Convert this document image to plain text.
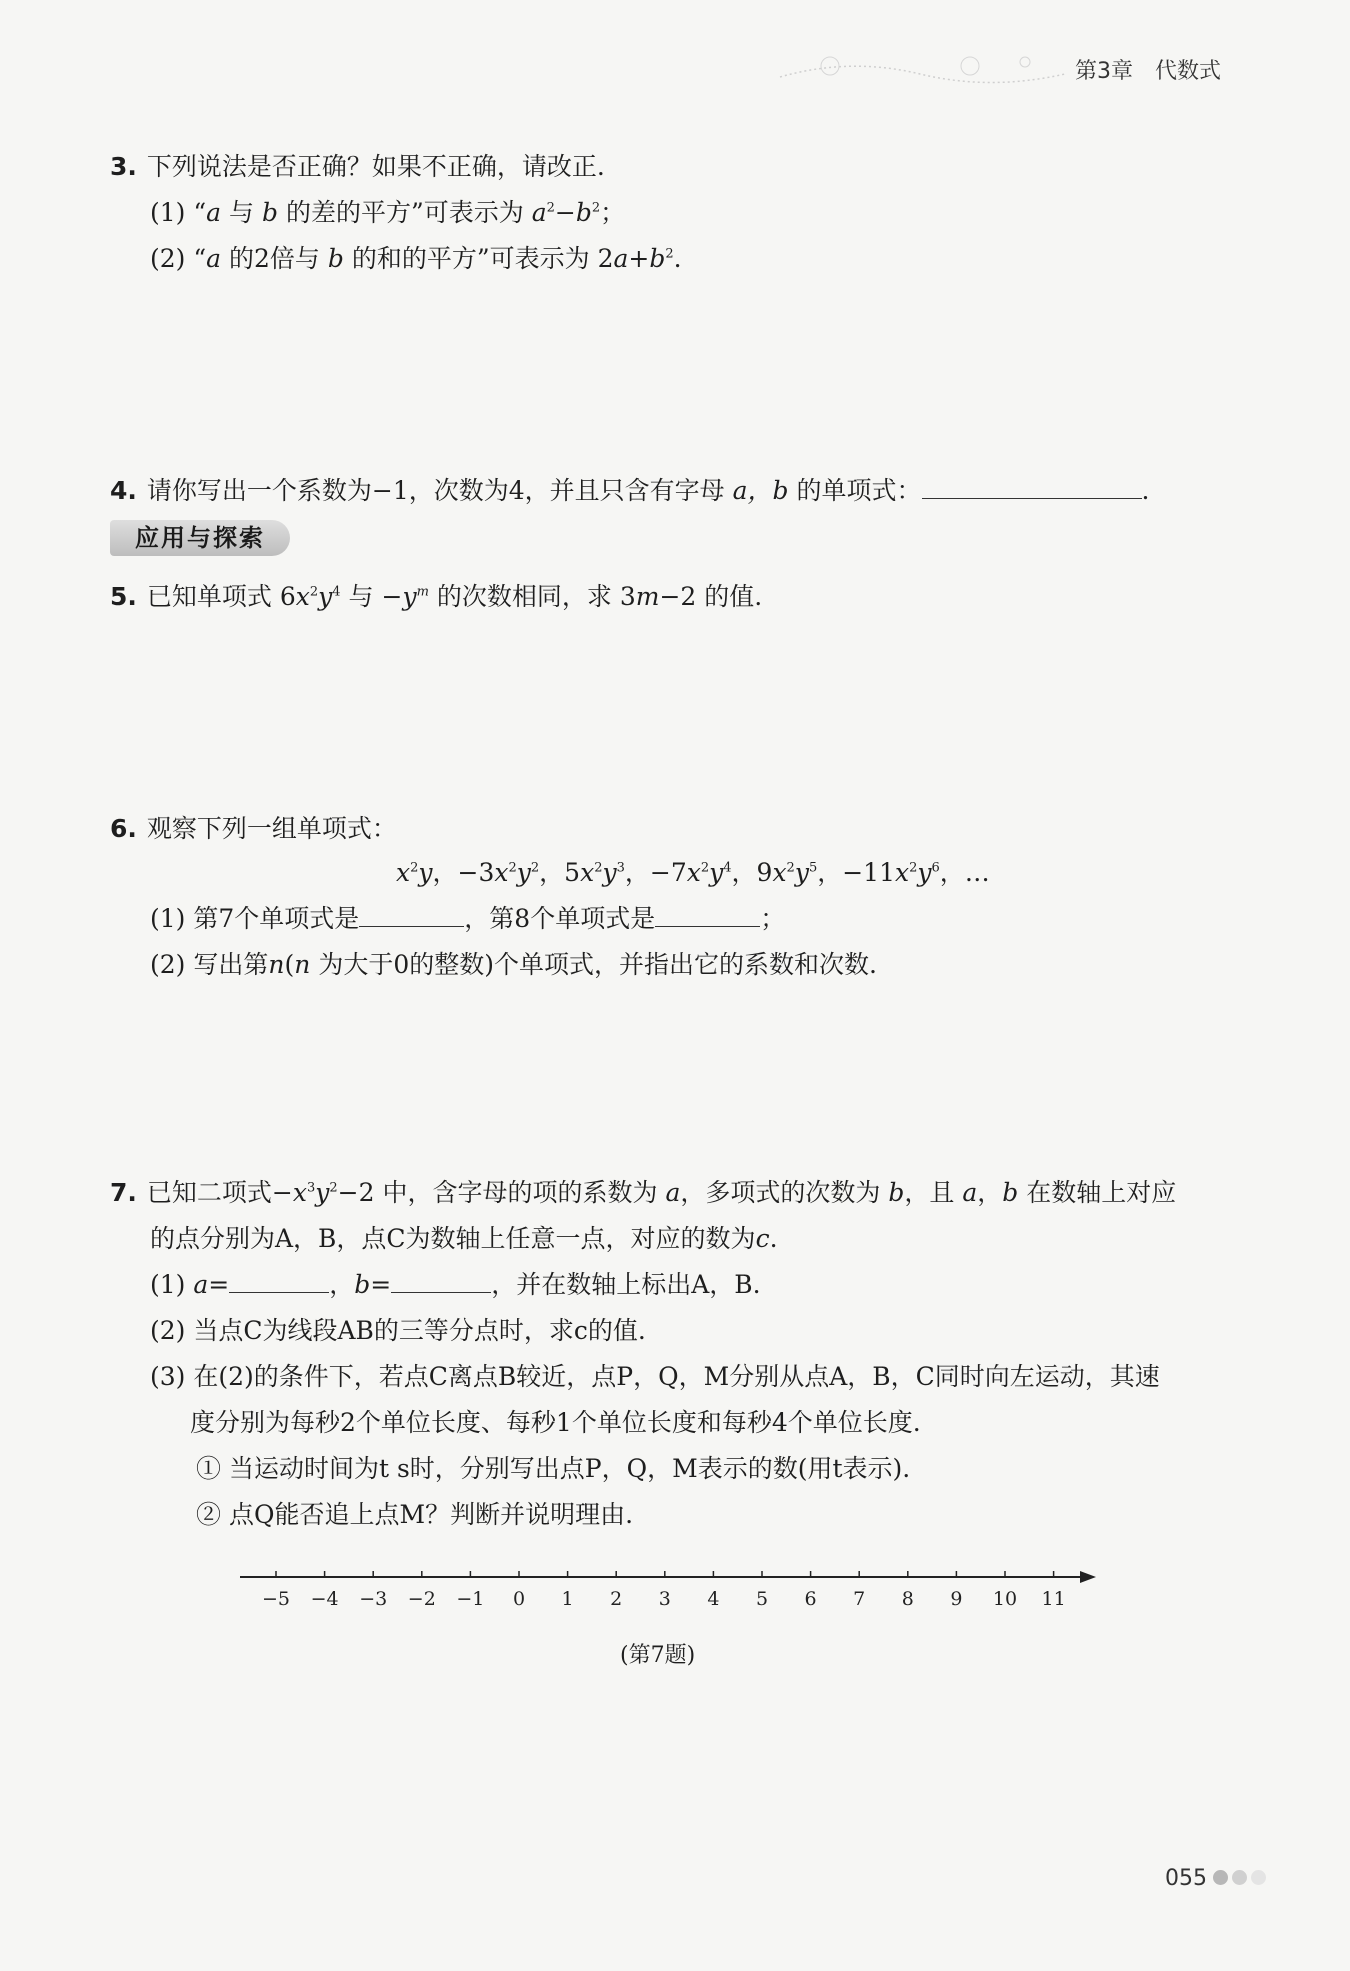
第3章 代数式
3. 下列说法是否正确？如果不正确，请改正.
(1) “a 与 b 的差的平方”可表示为 $a^2-b^2$；
(2) “a 的2倍与 b 的和的平方”可表示为 $2a+b^2$.
4. 请你写出一个系数为−1，次数为4，并且只含有字母 a，b 的单项式：	.
应用与探索
5. 已知单项式 $6x^2y^4$ 与 $-y^m$ 的次数相同，求 3m−2 的值.
6. 观察下列一组单项式：
$x^2y$，$-3x^2y^2$，$5x^2y^3$，$-7x^2y^4$，$9x^2y^5$，$-11x^2y^6$，…
(1) 第7个单项式是	，第8个单项式是	；
(2) 写出第n(n 为大于0的整数)个单项式，并指出它的系数和次数.
7. 已知二项式$-x^3y^2-2$ 中，含字母的项的系数为 a，多项式的次数为 b，且 a，b 在数轴上对应
的点分别为A，B，点C为数轴上任意一点，对应的数为c.
(1) a=	，b=	，并在数轴上标出A，B.
(2) 当点C为线段AB的三等分点时，求c的值.
(3) 在(2)的条件下，若点C离点B较近，点P，Q，M分别从点A，B，C同时向左运动，其速
度分别为每秒2个单位长度、每秒1个单位长度和每秒4个单位长度.
① 当运动时间为t s时，分别写出点P，Q，M表示的数(用t表示).
② 点Q能否追上点M？判断并说明理由.
−5 −4 −3 −2 −1 0 1 2 3 4 5 6 7 8 9 10 11
(第7题)
055
